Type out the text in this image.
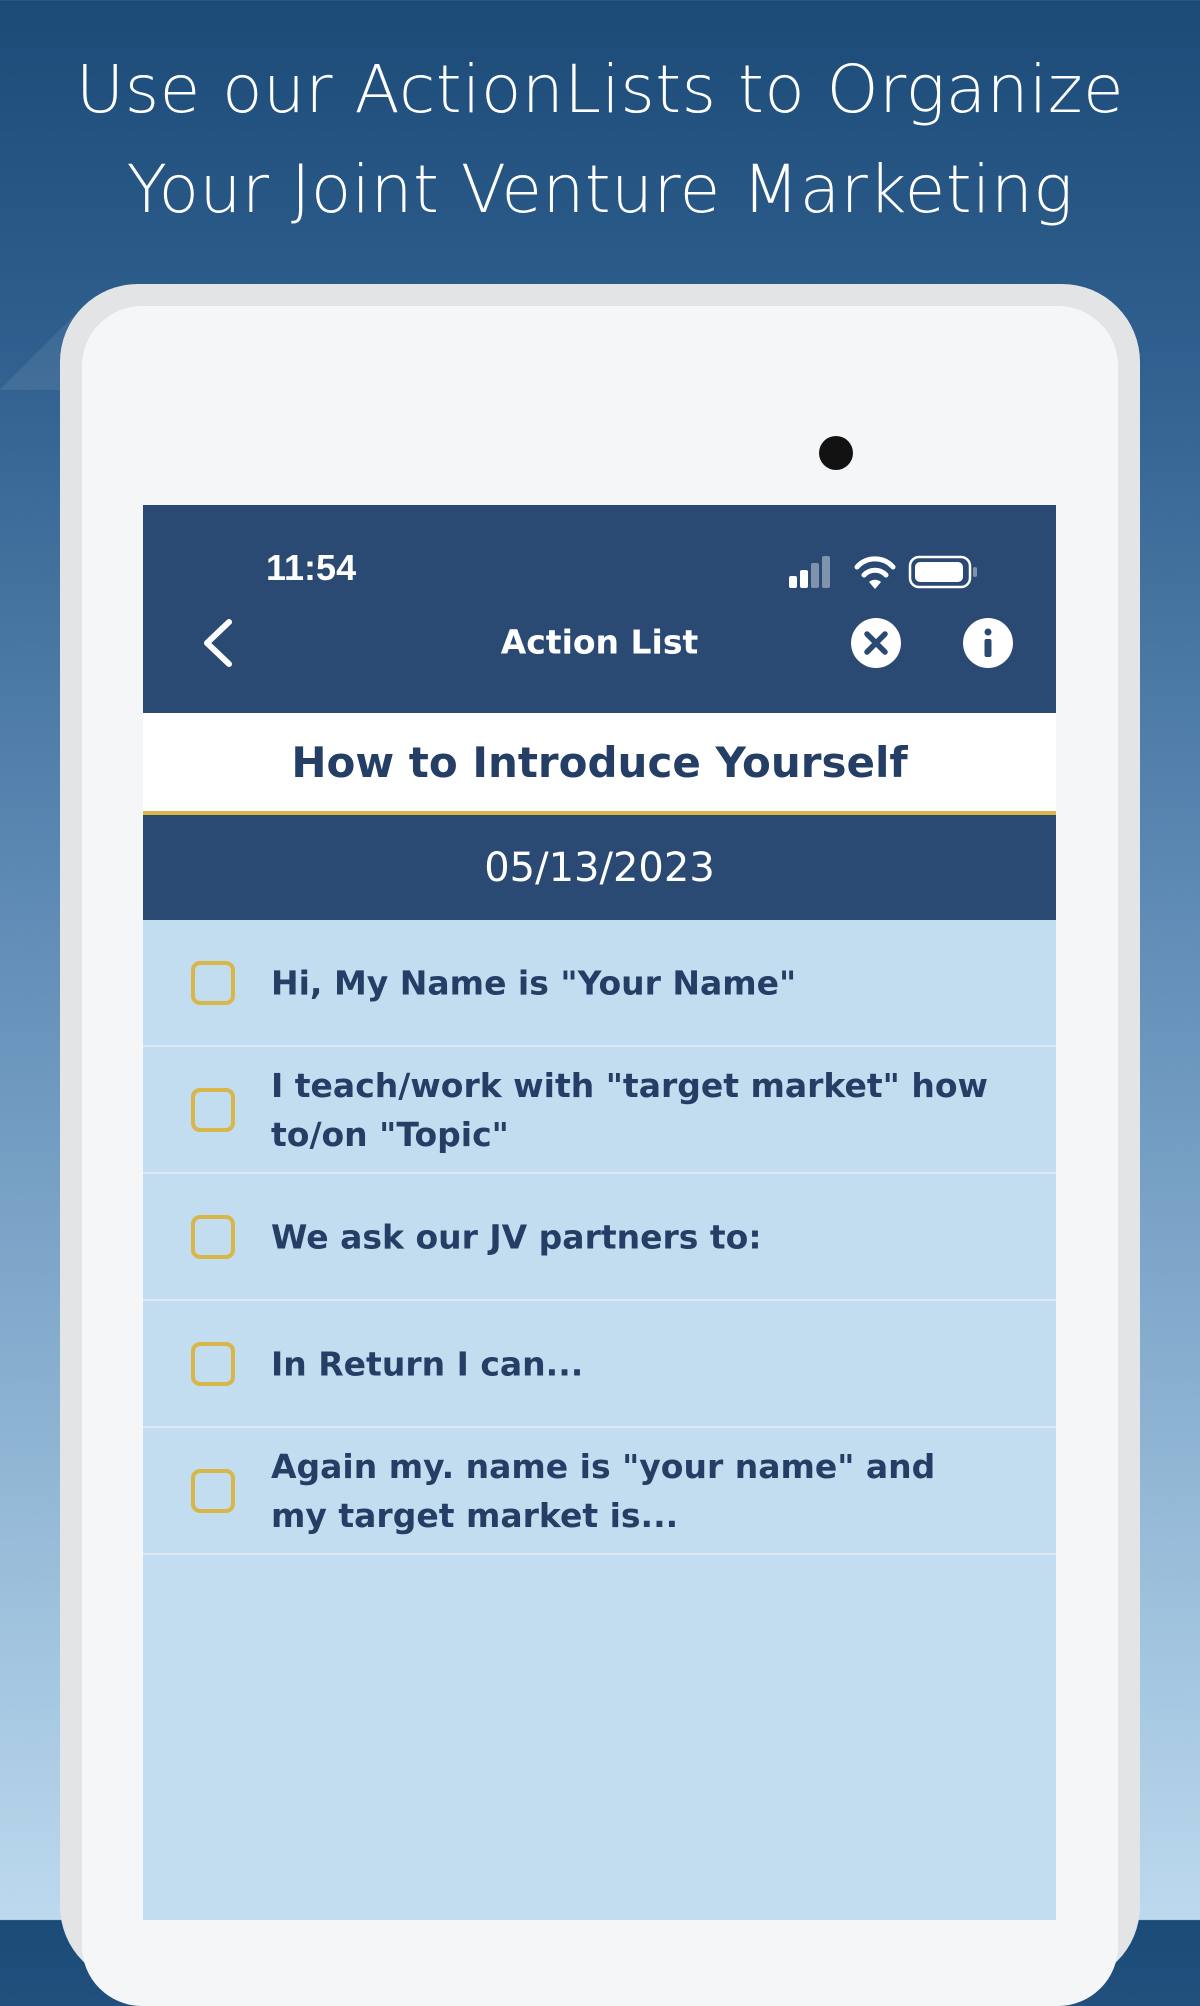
Use our ActionLists to Organize
Your Joint Venture Marketing
11:54
Action List
How to Introduce Yourself
05/13/2023
Hi, My Name is "Your Name"
I teach/work with "target market" how to/on "Topic"
We ask our JV partners to:
In Return I can...
Again my. name is "your name" and my target market is...
